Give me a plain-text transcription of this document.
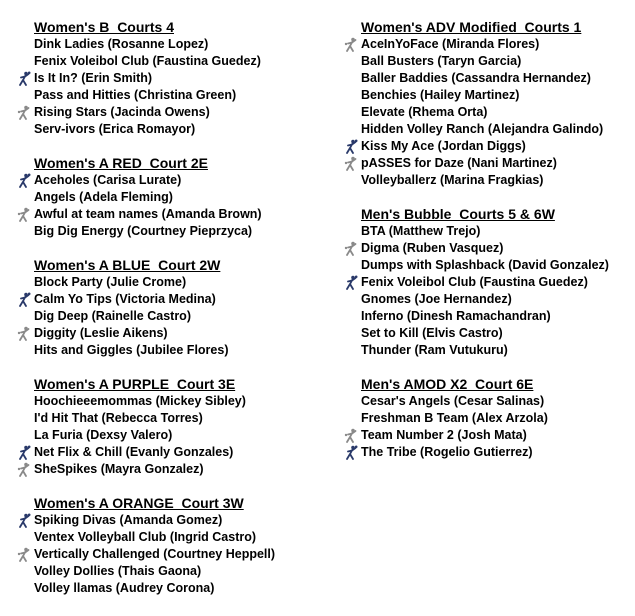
Women's B  Courts 4
Dink Ladies (Rosanne Lopez)
Fenix Voleibol Club (Faustina Guedez)
Is It In? (Erin Smith)
Pass and Hitties (Christina Green)
Rising Stars (Jacinda Owens)
Serv-ivors (Erica Romayor)
Women's A RED  Court 2E
Aceholes (Carisa Lurate)
Angels (Adela Fleming)
Awful at team names (Amanda Brown)
Big Dig Energy (Courtney Pieprzyca)
Women's A BLUE  Court 2W
Block Party (Julie Crome)
Calm Yo Tips (Victoria Medina)
Dig Deep (Rainelle Castro)
Diggity (Leslie Aikens)
Hits and Giggles (Jubilee Flores)
Women's A PURPLE  Court 3E
Hoochieeemommas (Mickey Sibley)
I'd Hit That (Rebecca Torres)
La Furia (Dexsy Valero)
Net Flix & Chill (Evanly Gonzales)
SheSpikes (Mayra Gonzalez)
Women's A ORANGE  Court 3W
Spiking Divas (Amanda Gomez)
Ventex Volleyball Club (Ingrid Castro)
Vertically Challenged (Courtney Heppell)
Volley Dollies (Thais Gaona)
Volley llamas (Audrey Corona)
Women's ADV Modified  Courts 1
AceInYoFace (Miranda Flores)
Ball Busters (Taryn Garcia)
Baller Baddies (Cassandra Hernandez)
Benchies (Hailey Martinez)
Elevate (Rhema Orta)
Hidden Volley Ranch (Alejandra Galindo)
Kiss My Ace (Jordan Diggs)
pASSES for Daze (Nani Martinez)
Volleyballerz (Marina Fragkias)
Men's Bubble  Courts 5 & 6W
BTA (Matthew Trejo)
Digma (Ruben Vasquez)
Dumps with Splashback (David Gonzalez)
Fenix Voleibol Club (Faustina Guedez)
Gnomes (Joe Hernandez)
Inferno (Dinesh Ramachandran)
Set to Kill (Elvis Castro)
Thunder (Ram Vutukuru)
Men's AMOD X2  Court 6E
Cesar's Angels (Cesar Salinas)
Freshman B Team (Alex Arzola)
Team Number 2 (Josh Mata)
The Tribe (Rogelio Gutierrez)
